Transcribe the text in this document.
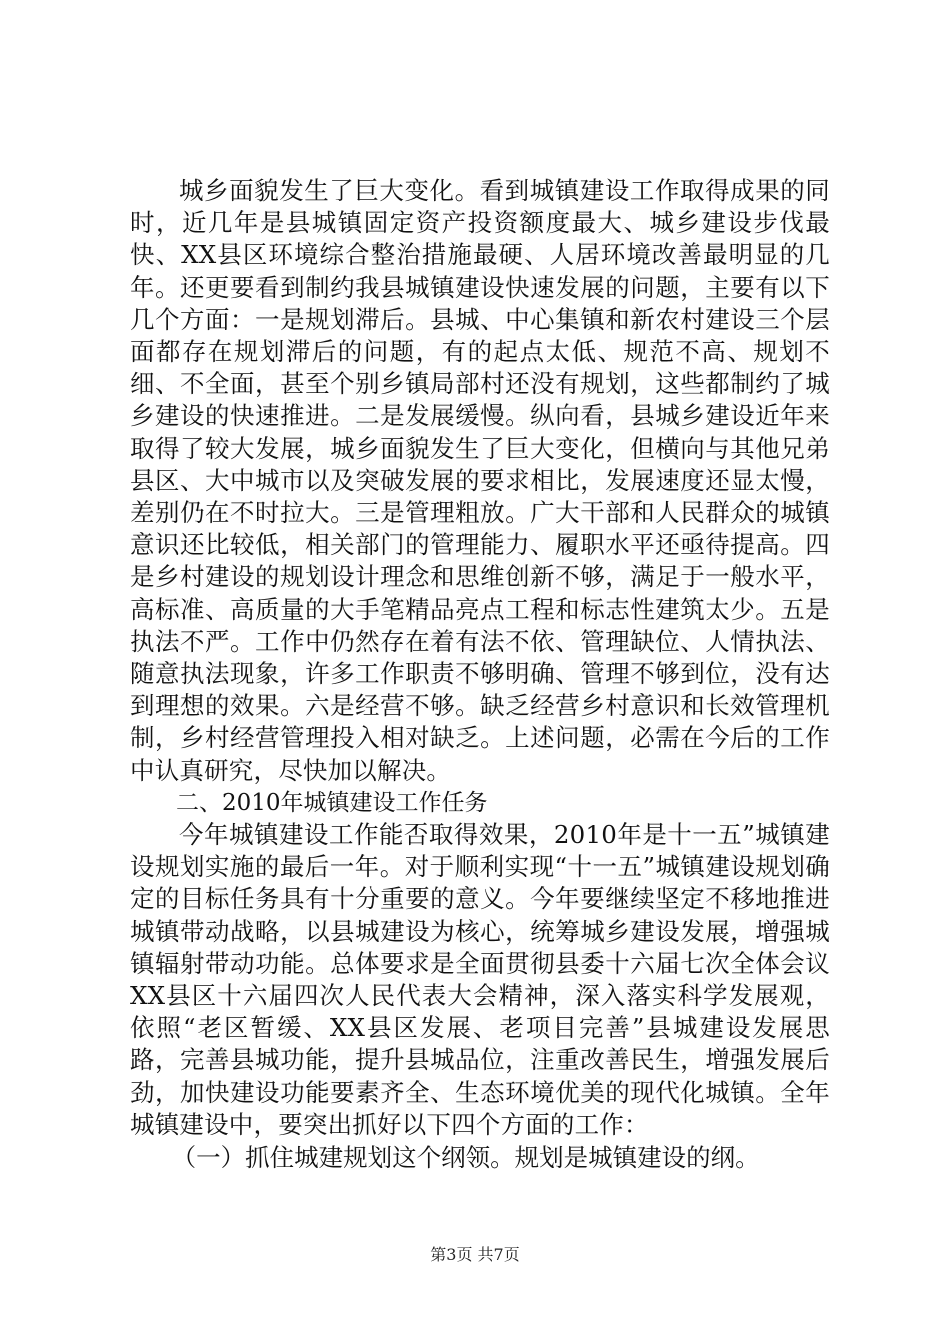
城乡面貌发生了巨大变化。看到城镇建设工作取得成果的同时，近几年是县城镇固定资产投资额度最大、城乡建设步伐最快、XX县区环境综合整治措施最硬、人居环境改善最明显的几年。还更要看到制约我县城镇建设快速发展的问题，主要有以下几个方面：一是规划滞后。县城、中心集镇和新农村建设三个层面都存在规划滞后的问题，有的起点太低、规范不高、规划不细、不全面，甚至个别乡镇局部村还没有规划，这些都制约了城乡建设的快速推进。二是发展缓慢。纵向看，县城乡建设近年来取得了较大发展，城乡面貌发生了巨大变化，但横向与其他兄弟县区、大中城市以及突破发展的要求相比，发展速度还显太慢，差别仍在不时拉大。三是管理粗放。广大干部和人民群众的城镇意识还比较低，相关部门的管理能力、履职水平还亟待提高。四是乡村建设的规划设计理念和思维创新不够，满足于一般水平，高标准、高质量的大手笔精品亮点工程和标志性建筑太少。五是执法不严。工作中仍然存在着有法不依、管理缺位、人情执法、随意执法现象，许多工作职责不够明确、管理不够到位，没有达到理想的效果。六是经营不够。缺乏经营乡村意识和长效管理机制，乡村经营管理投入相对缺乏。上述问题，必需在今后的工作中认真研究，尽快加以解决。

二、2010年城镇建设工作任务

今年城镇建设工作能否取得效果，2010年是十一五”城镇建设规划实施的最后一年。对于顺利实现“十一五”城镇建设规划确定的目标任务具有十分重要的意义。今年要继续坚定不移地推进城镇带动战略，以县城建设为核心，统筹城乡建设发展，增强城镇辐射带动功能。总体要求是全面贯彻县委十六届七次全体会议XX县区十六届四次人民代表大会精神，深入落实科学发展观，依照“老区暂缓、XX县区发展、老项目完善”县城建设发展思路，完善县城功能，提升县城品位，注重改善民生，增强发展后劲，加快建设功能要素齐全、生态环境优美的现代化城镇。全年城镇建设中，要突出抓好以下四个方面的工作：

（一）抓住城建规划这个纲领。规划是城镇建设的纲。

第3页 共7页
